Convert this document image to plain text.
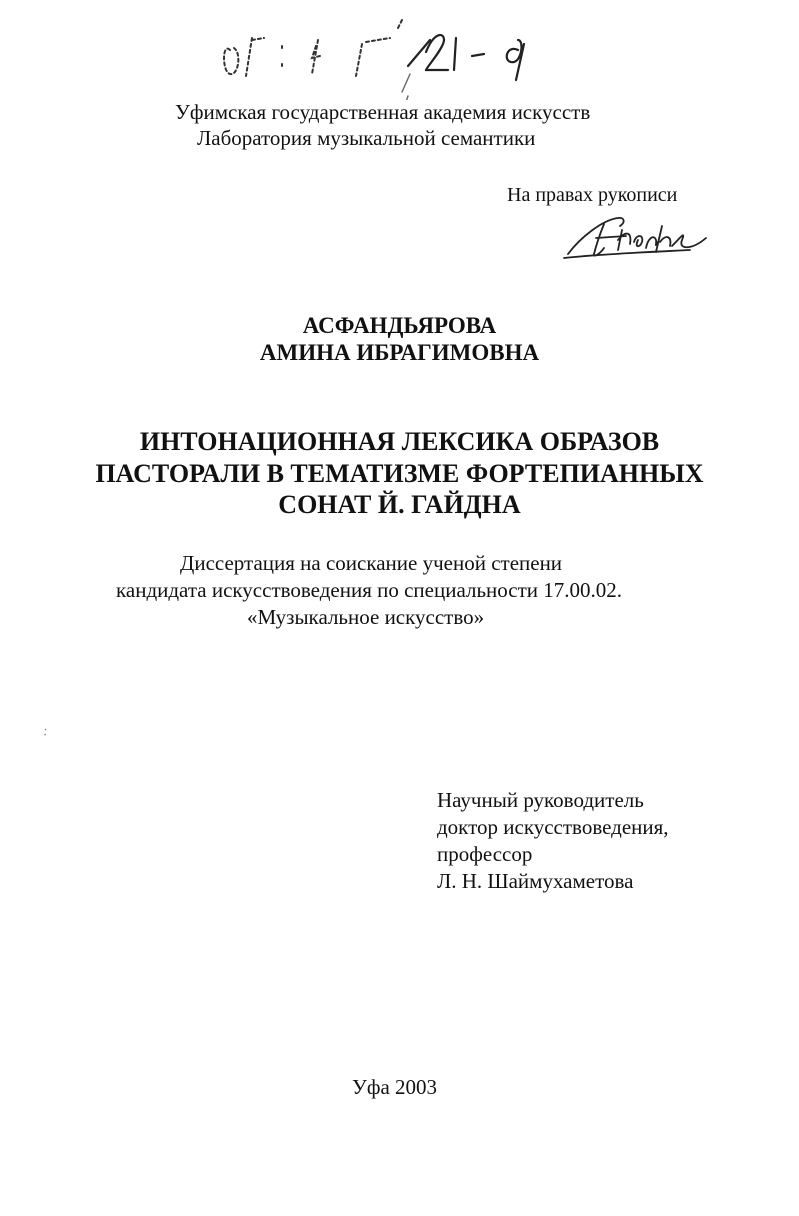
Уфимская государственная академия искусств
Лаборатория музыкальной семантики
На правах рукописи
АСФАНДЬЯРОВА
АМИНА ИБРАГИМОВНА
ИНТОНАЦИОННАЯ ЛЕКСИКА ОБРАЗОВ
ПАСТОРАЛИ В ТЕМАТИЗМЕ ФОРТЕПИАННЫХ
СОНАТ Й. ГАЙДНА
Диссертация на соискание ученой степени
кандидата искусствоведения по специальности 17.00.02.
«Музыкальное искусство»
Научный руководитель
доктор искусствоведения,
профессор
Л. Н. Шаймухаметова
Уфа 2003
